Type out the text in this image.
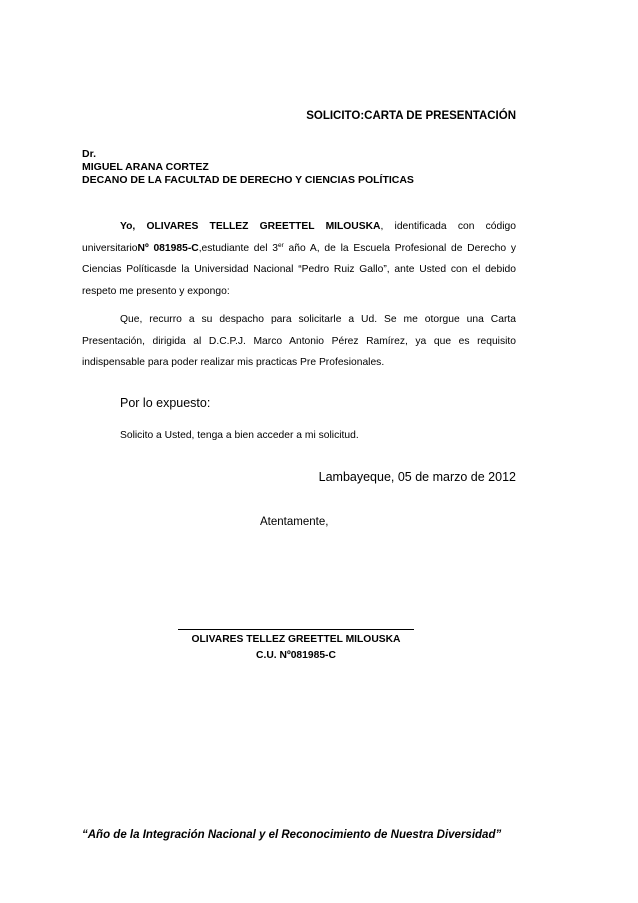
SOLICITO:CARTA DE PRESENTACIÓN
Dr.
MIGUEL ARANA CORTEZ
DECANO DE LA FACULTAD DE DERECHO Y CIENCIAS POLÍTICAS
Yo, OLIVARES TELLEZ GREETTEL MILOUSKA, identificada con código universitarioNº 081985-C,estudiante del 3er año A, de la Escuela Profesional de Derecho y Ciencias Políticasde la Universidad Nacional “Pedro Ruiz Gallo”, ante Usted con el debido respeto me presento y expongo:
Que, recurro a su despacho para solicitarle a Ud. Se me otorgue una Carta Presentación, dirigida al D.C.P.J. Marco Antonio Pérez Ramírez, ya que es requisito indispensable para poder realizar mis practicas Pre Profesionales.
Por lo expuesto:
Solicito a Usted, tenga a bien acceder a mi solicitud.
Lambayeque, 05 de marzo de 2012
Atentamente,
OLIVARES TELLEZ GREETTEL MILOUSKA
C.U. Nº081985-C
“Año de la Integración Nacional y el Reconocimiento de Nuestra Diversidad”
